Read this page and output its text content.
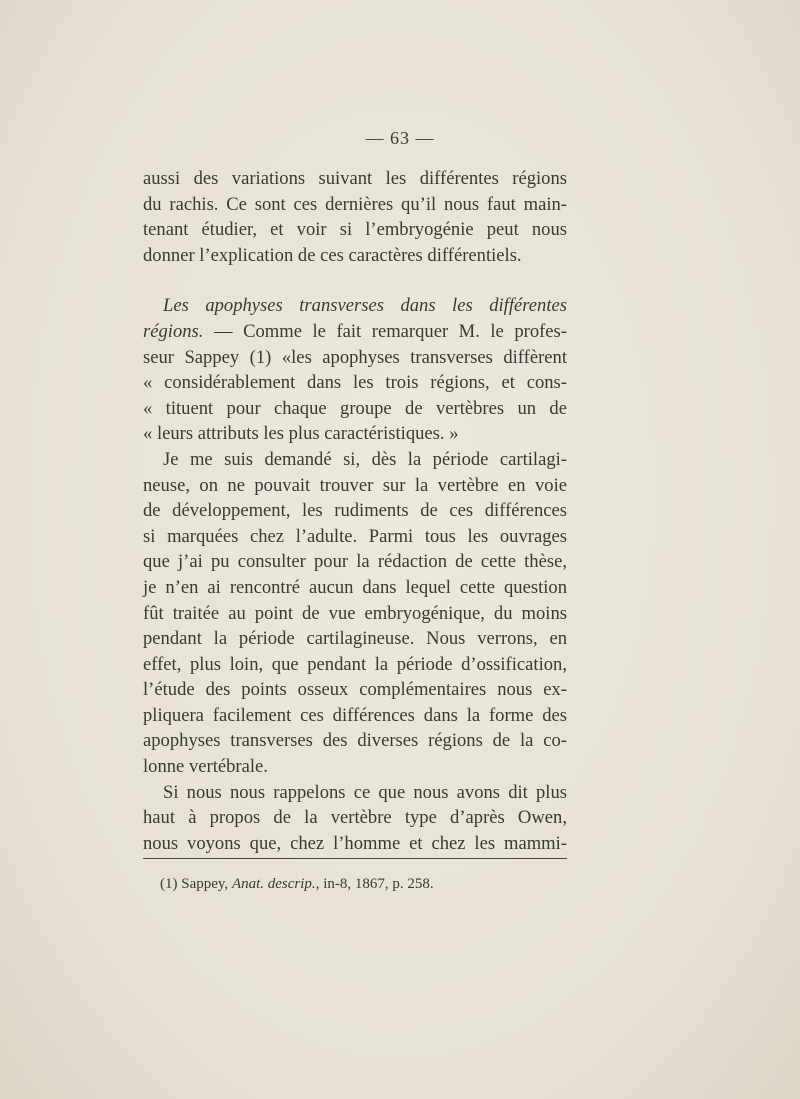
— 63 —

aussi des variations suivant les différentes régions

du rachis. Ce sont ces dernières qu’il nous faut main-

tenant étudier, et voir si l’embryogénie peut nous

donner l’explication de ces caractères différentiels.

Les apophyses transverses dans les différentes

régions. — Comme le fait remarquer M. le profes-

seur Sappey (1) «les apophyses transverses diffèrent

« considérablement dans les trois régions, et cons-

« tituent pour chaque groupe de vertèbres un de

« leurs attributs les plus caractéristiques. »

Je me suis demandé si, dès la période cartilagi-

neuse, on ne pouvait trouver sur la vertèbre en voie

de développement, les rudiments de ces différences

si marquées chez l’adulte. Parmi tous les ouvrages

que j’ai pu consulter pour la rédaction de cette thèse,

je n’en ai rencontré aucun dans lequel cette question

fût traitée au point de vue embryogénique, du moins

pendant la période cartilagineuse. Nous verrons, en

effet, plus loin, que pendant la période d’ossification,

l’étude des points osseux complémentaires nous ex-

pliquera facilement ces différences dans la forme des

apophyses transverses des diverses régions de la co-

lonne vertébrale.

Si nous nous rappelons ce que nous avons dit plus

haut à propos de la vertèbre type d’après Owen,

nous voyons que, chez l’homme et chez les mammi-

(1) Sappey, Anat. descrip., in-8, 1867, p. 258.
